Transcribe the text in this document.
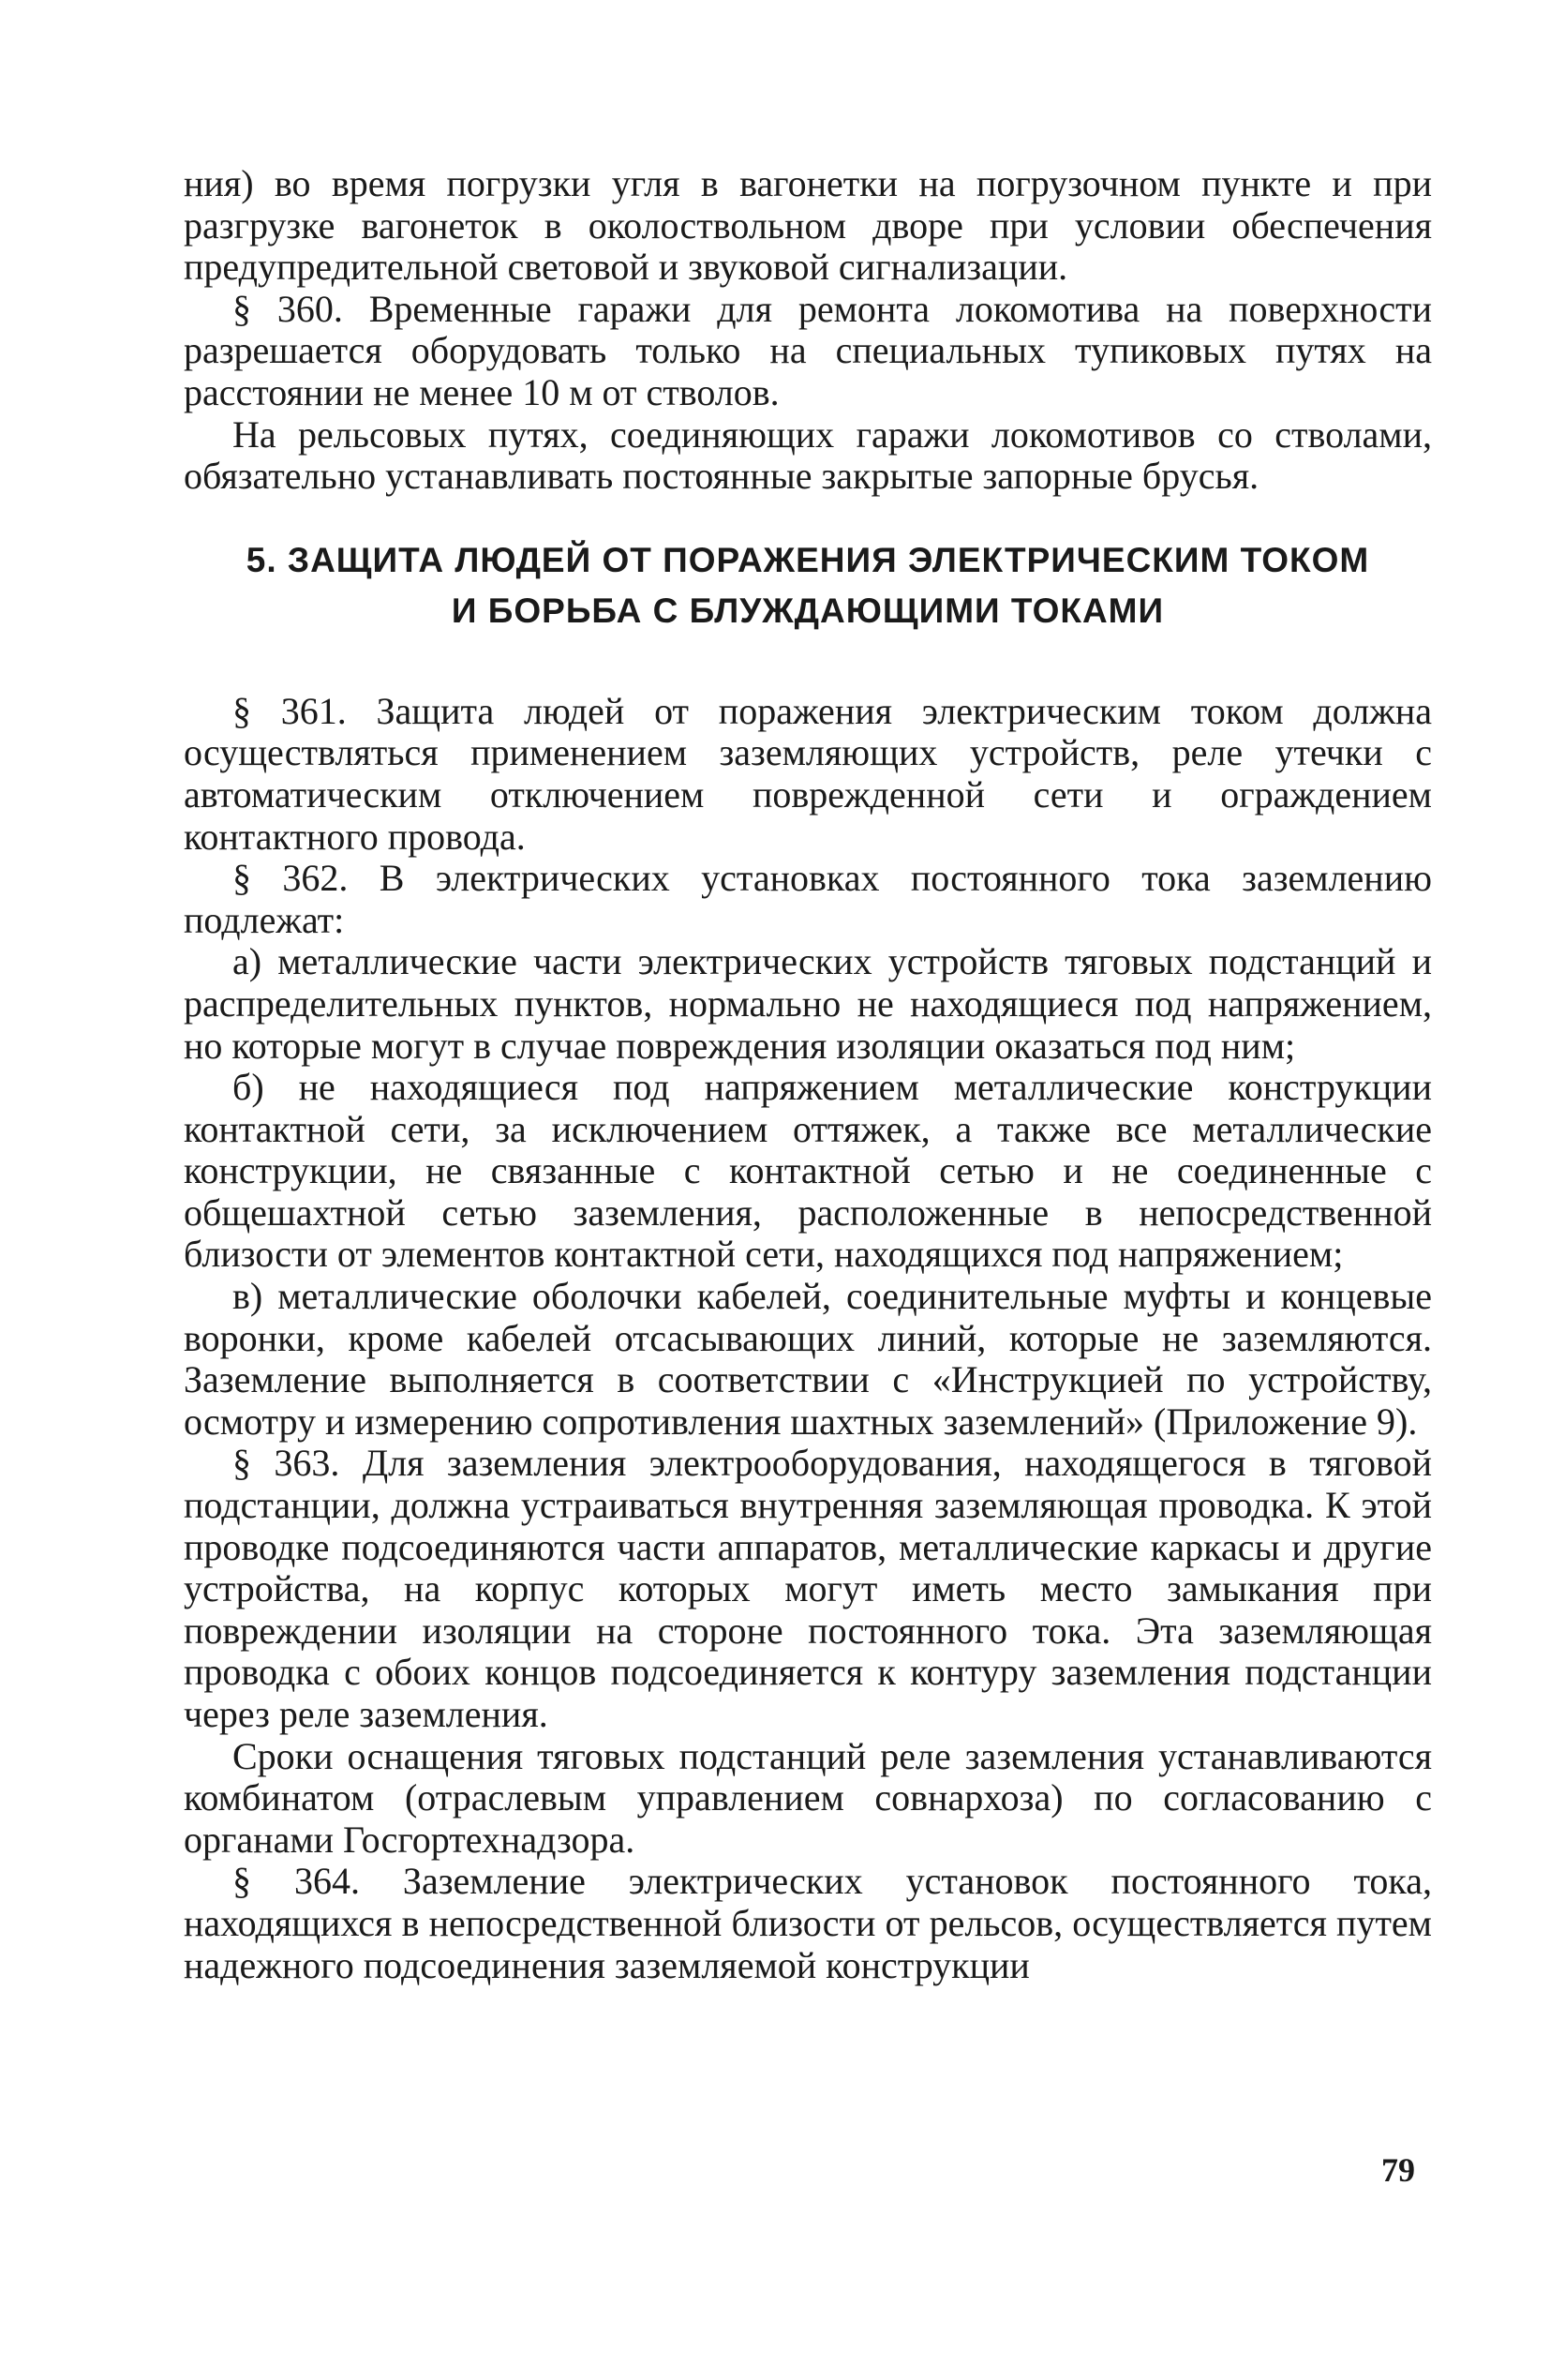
ния) во время погрузки угля в вагонетки на погрузочном пункте и при разгрузке вагонеток в околоствольном дворе при условии обеспечения предупредительной световой и звуковой сигнализации.

§ 360. Временные гаражи для ремонта локомотива на поверхности разрешается оборудовать только на специальных тупиковых путях на расстоянии не менее 10 м от стволов.

На рельсовых путях, соединяющих гаражи локомотивов со стволами, обязательно устанавливать постоянные закрытые запорные брусья.

5. ЗАЩИТА ЛЮДЕЙ ОТ ПОРАЖЕНИЯ ЭЛЕКТРИЧЕСКИМ ТОКОМ
И БОРЬБА С БЛУЖДАЮЩИМИ ТОКАМИ

§ 361. Защита людей от поражения электрическим током должна осуществляться применением заземляющих устройств, реле утечки с автоматическим отключением поврежденной сети и ограждением контактного провода.

§ 362. В электрических установках постоянного тока заземлению подлежат:

а) металлические части электрических устройств тяговых подстанций и распределительных пунктов, нормально не находящиеся под напряжением, но которые могут в случае повреждения изоляции оказаться под ним;

б) не находящиеся под напряжением металлические конструкции контактной сети, за исключением оттяжек, а также все металлические конструкции, не связанные с контактной сетью и не соединенные с общешахтной сетью заземления, расположенные в непосредственной близости от элементов контактной сети, находящихся под напряжением;

в) металлические оболочки кабелей, соединительные муфты и концевые воронки, кроме кабелей отсасывающих линий, которые не заземляются. Заземление выполняется в соответствии с «Инструкцией по устройству, осмотру и измерению сопротивления шахтных заземлений» (Приложение 9).

§ 363. Для заземления электрооборудования, находящегося в тяговой подстанции, должна устраиваться внутренняя заземляющая проводка. К этой проводке подсоединяются части аппаратов, металлические каркасы и другие устройства, на корпус которых могут иметь место замыкания при повреждении изоляции на стороне постоянного тока. Эта заземляющая проводка с обоих концов подсоединяется к контуру заземления подстанции через реле заземления.

Сроки оснащения тяговых подстанций реле заземления устанавливаются комбинатом (отраслевым управлением совнархоза) по согласованию с органами Госгортехнадзора.

§ 364. Заземление электрических установок постоянного тока, находящихся в непосредственной близости от рельсов, осуществляется путем надежного подсоединения заземляемой конструкции

79
